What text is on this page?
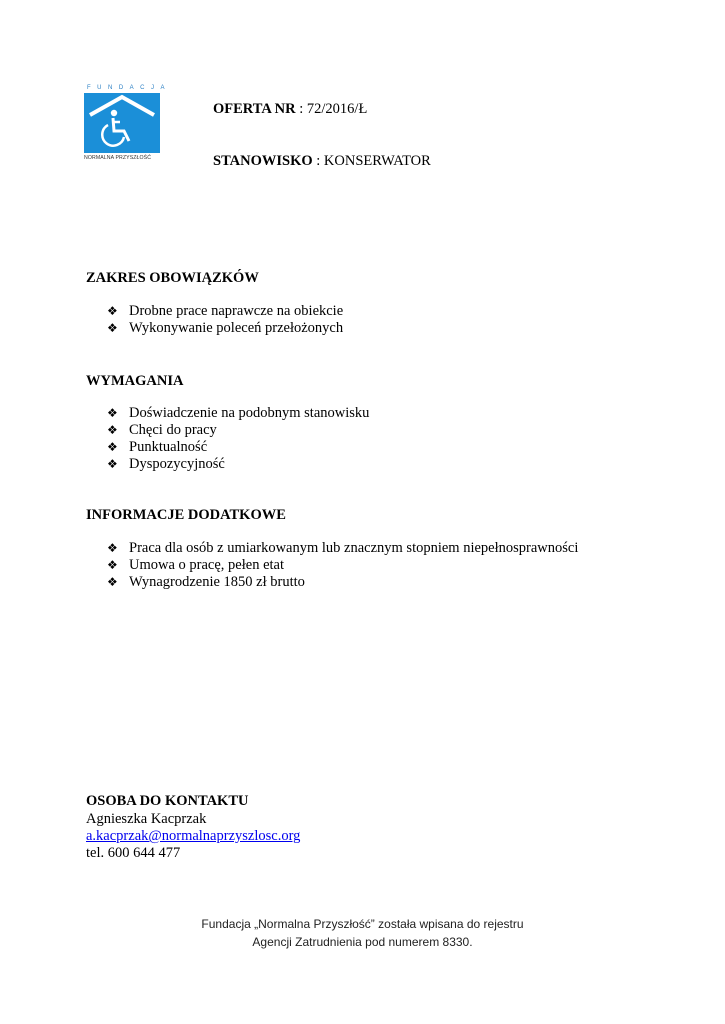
FUNDACJA
NORMALNA PRZYSZŁOŚĆ
OFERTA NR : 72/2016/Ł
STANOWISKO : KONSERWATOR
ZAKRES OBOWIĄZKÓW
❖ Drobne prace naprawcze na obiekcie
❖ Wykonywanie poleceń przełożonych
WYMAGANIA
❖ Doświadczenie na podobnym stanowisku
❖ Chęci do pracy
❖ Punktualność
❖ Dyspozycyjność
INFORMACJE DODATKOWE
❖ Praca dla osób z umiarkowanym lub znacznym stopniem niepełnosprawności
❖ Umowa o pracę, pełen etat
❖ Wynagrodzenie 1850 zł brutto
OSOBA DO KONTAKTU
Agnieszka Kacprzak
a.kacprzak@normalnaprzyszlosc.org
tel. 600 644 477
Fundacja „Normalna Przyszłość” została wpisana do rejestru
Agencji Zatrudnienia pod numerem 8330.
